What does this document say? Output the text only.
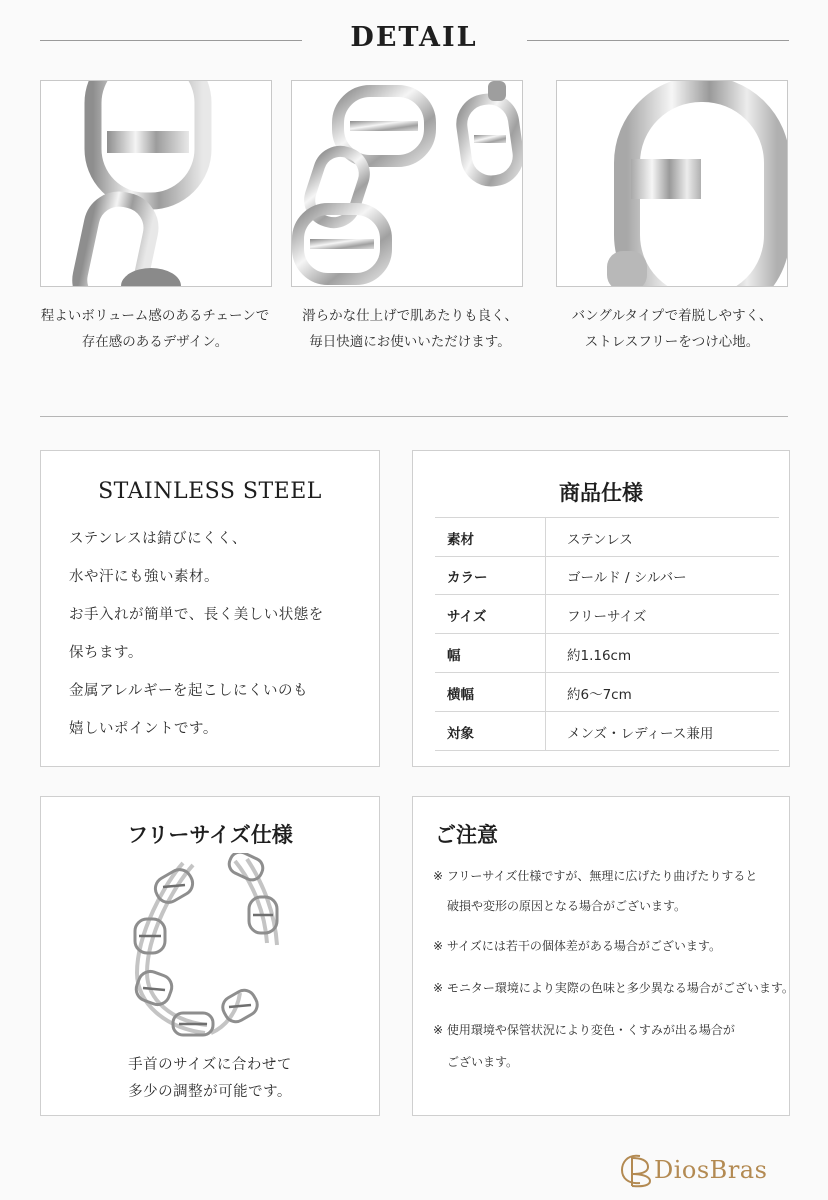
DETAIL
程よいボリューム感のあるチェーンで
存在感のあるデザイン。
滑らかな仕上げで肌あたりも良く、
毎日快適にお使いいただけます。
バングルタイプで着脱しやすく、
ストレスフリーをつけ心地。
STAINLESS STEEL
ステンレスは錆びにくく、
水や汗にも強い素材。
お手入れが簡単で、長く美しい状態を
保ちます。
金属アレルギーを起こしにくいのも
嬉しいポイントです。
商品仕様
素材	ステンレス
カラー	ゴールド / シルバー
サイズ	フリーサイズ
幅	約1.16cm
横幅	約6～7cm
対象	メンズ・レディース兼用
フリーサイズ仕様
手首のサイズに合わせて
多少の調整が可能です。
ご注意
※ フリーサイズ仕様ですが、無理に広げたり曲げたりすると
破損や変形の原因となる場合がございます。
※ サイズには若干の個体差がある場合がございます。
※ モニター環境により実際の色味と多少異なる場合がございます。
※ 使用環境や保管状況により変色・くすみが出る場合が
ございます。
DiosBras
